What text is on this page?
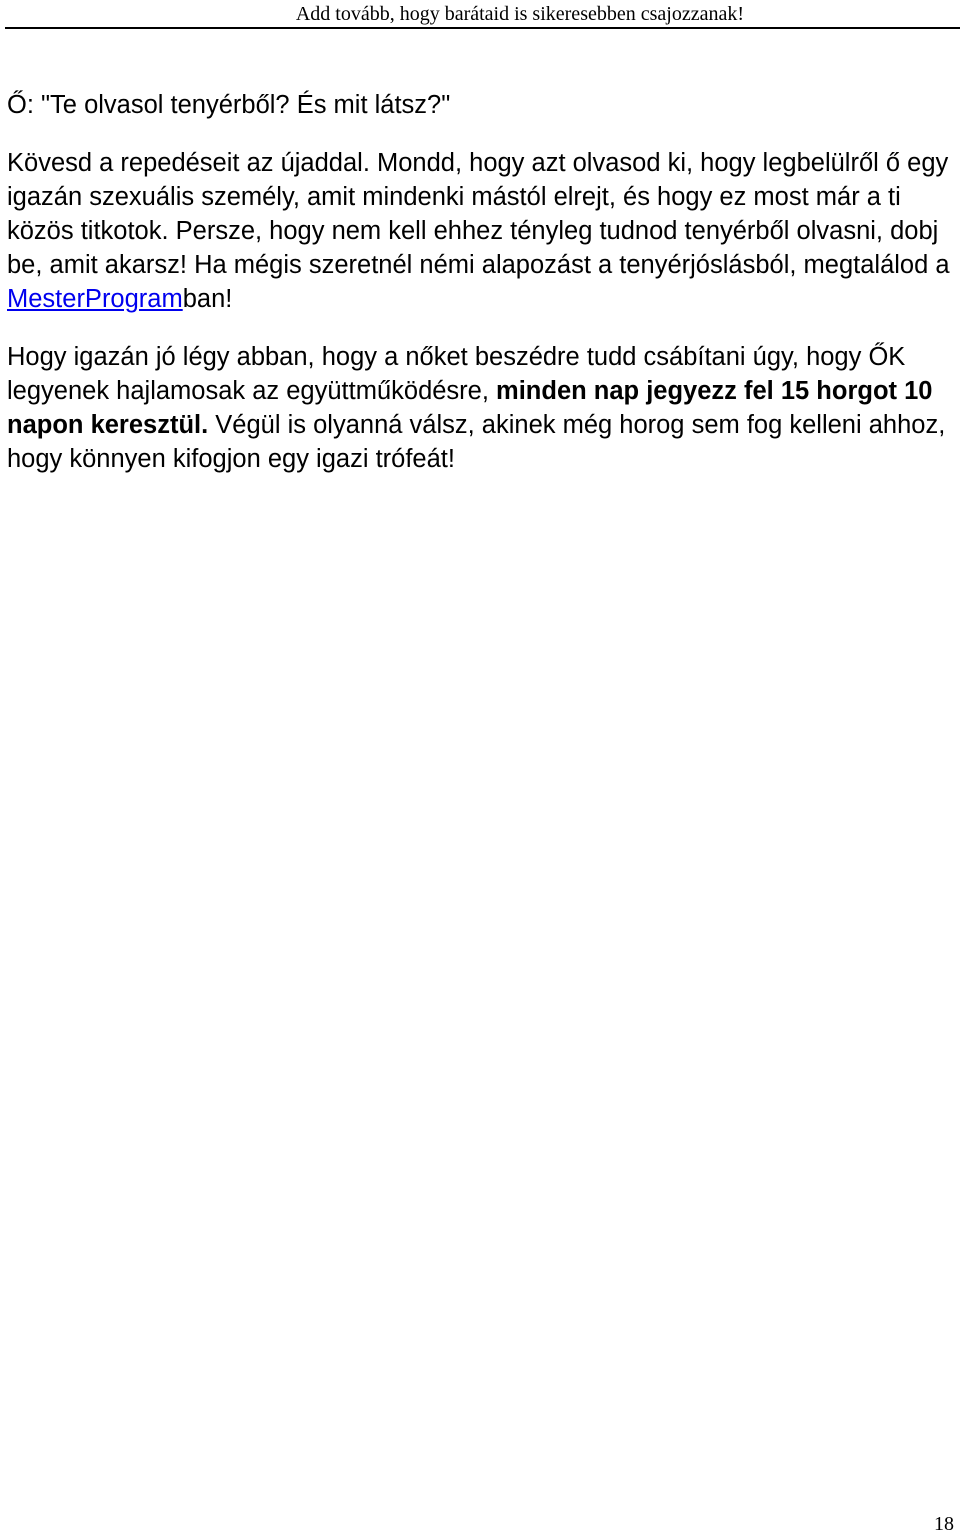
Add tovább, hogy barátaid is sikeresebben csajozzanak!

Ő: "Te olvasol tenyérből? És mit látsz?"

Kövesd a repedéseit az újaddal. Mondd, hogy azt olvasod ki, hogy legbelülről ő egy igazán szexuális személy, amit mindenki mástól elrejt, és hogy ez most már a ti közös titkotok. Persze, hogy nem kell ehhez tényleg tudnod tenyérből olvasni, dobj be, amit akarsz! Ha mégis szeretnél némi alapozást a tenyérjóslásból, megtalálod a MesterProgramban!

Hogy igazán jó légy abban, hogy a nőket beszédre tudd csábítani úgy, hogy ŐK legyenek hajlamosak az együttműködésre, minden nap jegyezz fel 15 horgot 10 napon keresztül. Végül is olyanná válsz, akinek még horog sem fog kelleni ahhoz, hogy könnyen kifogjon egy igazi trófeát!

18
